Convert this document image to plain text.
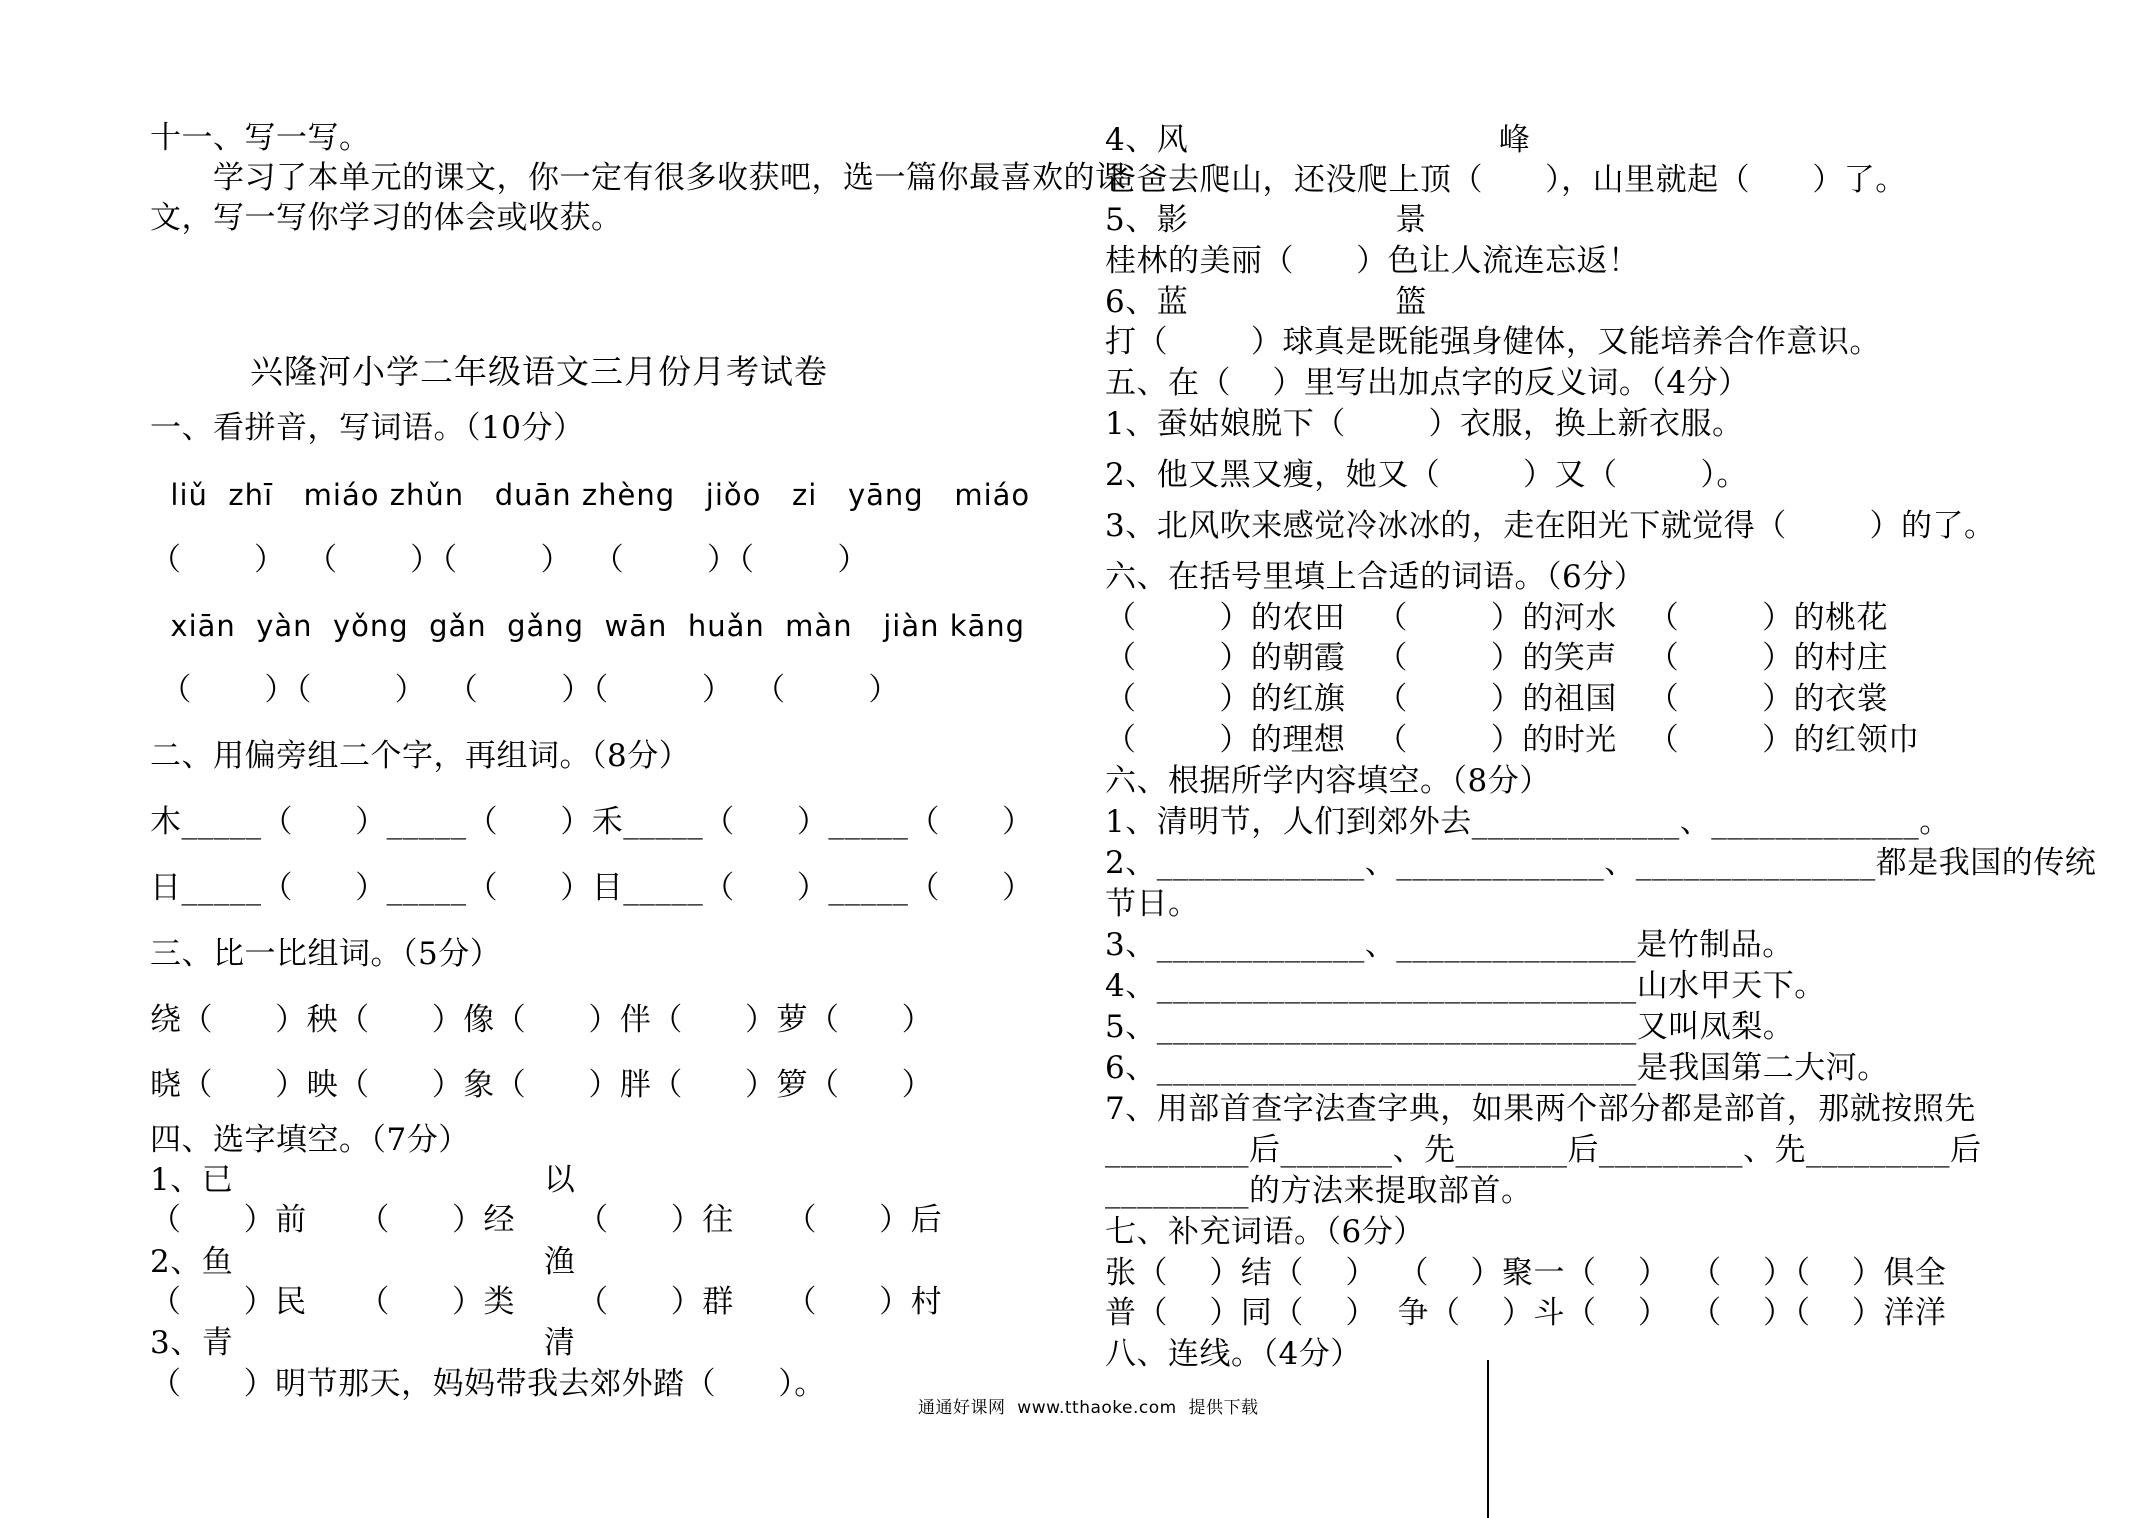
十一、写一写。
　　学习了本单元的课文，你一定有很多收获吧，选一篇你最喜欢的课
文，写一写你学习的体会或收获。
兴隆河小学二年级语文三月份月考试卷
一、看拼音，写词语。（10分）
liǔ  zhī   miáo zhǔn   duān zhèng   jiǒo   zi   yāng   miáo
（       ）  （       ）（        ）  （        ）（        ）
xiān  yàn  yǒng  gǎn  gǎng  wān  huǎn  màn   jiàn kāng
（       ）（        ）  （        ）（         ）  （        ）
二、用偏旁组二个字，再组词。（8分）
木_____（      ）_____（      ）禾_____（      ）_____（      ）
日_____（      ）_____（      ）目_____（      ）_____（      ）
三、比一比组词。（5分）
绕（      ）秧（      ）像（      ）伴（      ）萝（      ）
晓（      ）映（      ）象（      ）胖（      ）箩（      ）
四、选字填空。（7分）
1、已                              以
（      ）前     （      ）经      （      ）往     （      ）后
2、鱼                              渔
（      ）民     （      ）类      （      ）群     （      ）村
3、青                              清
（      ）明节那天，妈妈带我去郊外踏（      ）。
4、风                              峰
爸爸去爬山，还没爬上顶（      ），山里就起（      ）了。
5、影                    景
桂林的美丽（      ）色让人流连忘返！
6、蓝                    篮
打（        ）球真是既能强身健体，又能培养合作意识。
五、在（    ）里写出加点字的反义词。（4分）
1、蚕姑娘脱下（        ）衣服，换上新衣服。
2、他又黑又瘦，她又（        ）又（        ）。
3、北风吹来感觉冷冰冰的，走在阳光下就觉得（        ）的了。
六、在括号里填上合适的词语。（6分）
（        ）的农田   （        ）的河水   （        ）的桃花
（        ）的朝霞   （        ）的笑声   （        ）的村庄
（        ）的红旗   （        ）的祖国   （        ）的衣裳
（        ）的理想   （        ）的时光   （        ）的红领巾
六、根据所学内容填空。（8分）
1、清明节，人们到郊外去_____________、_____________。
2、_____________、_____________、_______________都是我国的传统
节日。
3、_____________、_______________是竹制品。
4、______________________________山水甲天下。
5、______________________________又叫凤梨。
6、______________________________是我国第二大河。
7、用部首查字法查字典，如果两个部分都是部首，那就按照先
_________后_______、先_______后_________、先_________后
_________的方法来提取部首。
七、补充词语。（6分）
张（    ）结（    ）  （    ）聚一（    ）  （    ）（    ）俱全
普（    ）同（    ）  争（    ）斗（    ）  （    ）（    ）洋洋
八、连线。（4分）
通通好课网  www.tthaoke.com  提供下载
